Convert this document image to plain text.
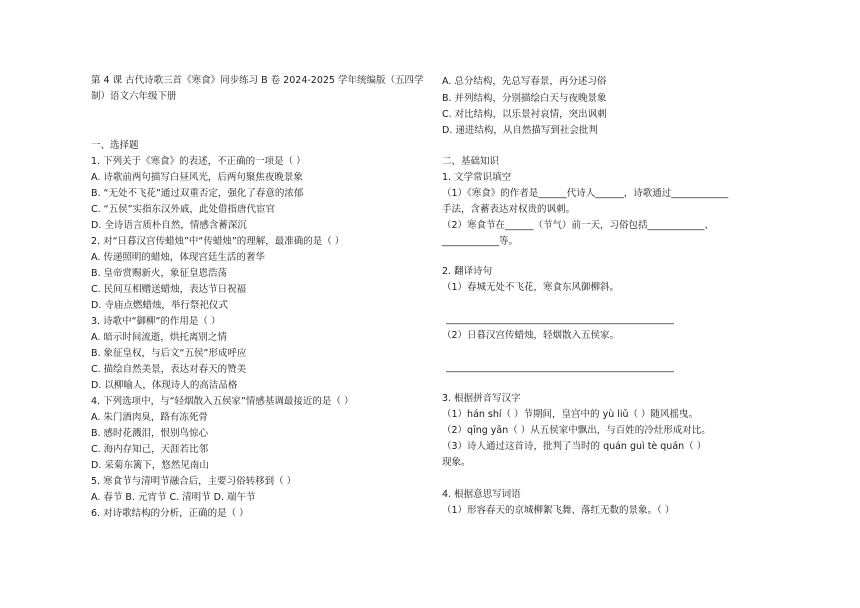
第 4 课 古代诗歌三首《寒食》同步练习 B 卷 2024-2025 学年统编版（五四学制）语文六年级下册
一、选择题
1. 下列关于《寒食》的表述，不正确的一项是（ ）
A. 诗歌前两句描写白昼风光，后两句聚焦夜晚景象
B. “无处不飞花”通过双重否定，强化了春意的浓郁
C. “五侯”实指东汉外戚，此处借指唐代宦官
D. 全诗语言质朴自然，情感含蓄深沉
2. 对“日暮汉宫传蜡烛”中“传蜡烛”的理解，最准确的是（ ）
A. 传递照明的蜡烛，体现宫廷生活的奢华
B. 皇帝赏赐新火，象征皇恩浩荡
C. 民间互相赠送蜡烛，表达节日祝福
D. 寺庙点燃蜡烛，举行祭祀仪式
3. 诗歌中“御柳”的作用是（ ）
A. 暗示时间流逝，烘托离别之情
B. 象征皇权，与后文“五侯”形成呼应
C. 描绘自然美景，表达对春天的赞美
D. 以柳喻人，体现诗人的高洁品格
4. 下列选项中，与“轻烟散入五侯家”情感基调最接近的是（ ）
A. 朱门酒肉臭，路有冻死骨
B. 感时花溅泪，恨别鸟惊心
C. 海内存知己，天涯若比邻
D. 采菊东篱下，悠然见南山
5. 寒食节与清明节融合后，主要习俗转移到（ ）
A. 春节 B. 元宵节 C. 清明节 D. 端午节
6. 对诗歌结构的分析，正确的是（ ）
A. 总分结构，先总写春景，再分述习俗
B. 并列结构，分别描绘白天与夜晚景象
C. 对比结构，以乐景衬哀情，突出讽刺
D. 递进结构，从自然描写到社会批判
二、基础知识
1. 文学常识填空
（1）《寒食》的作者是______代诗人______，诗歌通过____________
手法，含蓄表达对权贵的讽刺。
（2）寒食节在______（节气）前一天，习俗包括____________、
____________等。
2. 翻译诗句
（1）春城无处不飞花，寒食东风御柳斜。
________________________________________________
（2）日暮汉宫传蜡烛，轻烟散入五侯家。
________________________________________________
3. 根据拼音写汉字
（1）hán shí（ ）节期间，皇宫中的 yù liǔ（ ）随风摇曳。
（2）qīng yān（ ）从五侯家中飘出，与百姓的冷灶形成对比。
（3）诗人通过这首诗，批判了当时的 quán guì tè quán（ ）
现象。
4. 根据意思写词语
（1）形容春天的京城柳絮飞舞、落红无数的景象。（ ）
